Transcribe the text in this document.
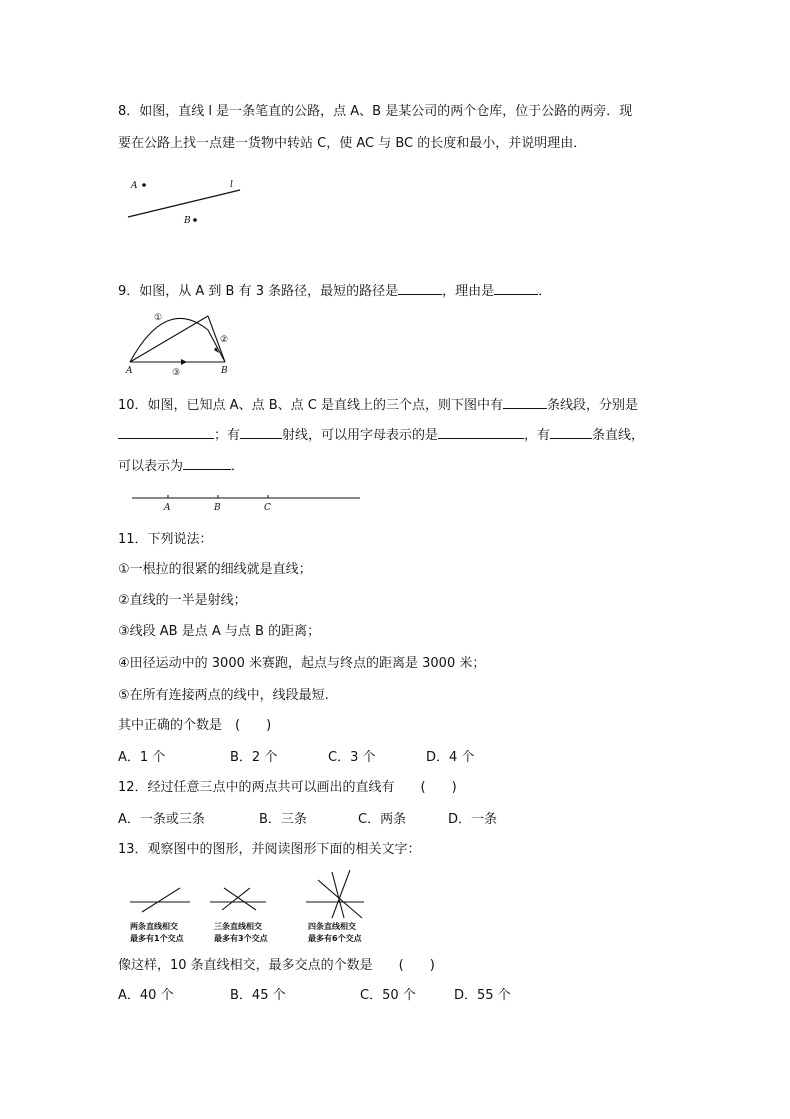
8．如图，直线 l 是一条笔直的公路，点 A、B 是某公司的两个仓库，位于公路的两旁．现
要在公路上找一点建一货物中转站 C，使 AC 与 BC 的长度和最小，并说明理由．
A
B
l
9．如图，从 A 到 B 有 3 条路径，最短的路径是	，理由是	．
①
②
③
A	B
10．如图，已知点 A、点 B、点 C 是直线上的三个点，则下图中有	条线段，分别是
；有	射线，可以用字母表示的是	，有	条直线，
可以表示为	．
A	B	C
11．下列说法：
①一根拉的很紧的细线就是直线；
②直线的一半是射线；
③线段 AB 是点 A 与点 B 的距离；
④田径运动中的 3000 米赛跑，起点与终点的距离是 3000 米；
⑤在所有连接两点的线中，线段最短.
其中正确的个数是　(　　)
A．1 个	B．2 个	C．3 个	D．4 个
12．经过任意三点中的两点共可以画出的直线有　　(　　)
A．一条或三条	B．三条	C．两条	D．一条
13．观察图中的图形，并阅读图形下面的相关文字：
两条直线相交
最多有1个交点
三条直线相交
最多有3个交点
四条直线相交
最多有6个交点
像这样，10 条直线相交，最多交点的个数是　　(　　)
A．40 个	B．45 个	C．50 个	D．55 个
